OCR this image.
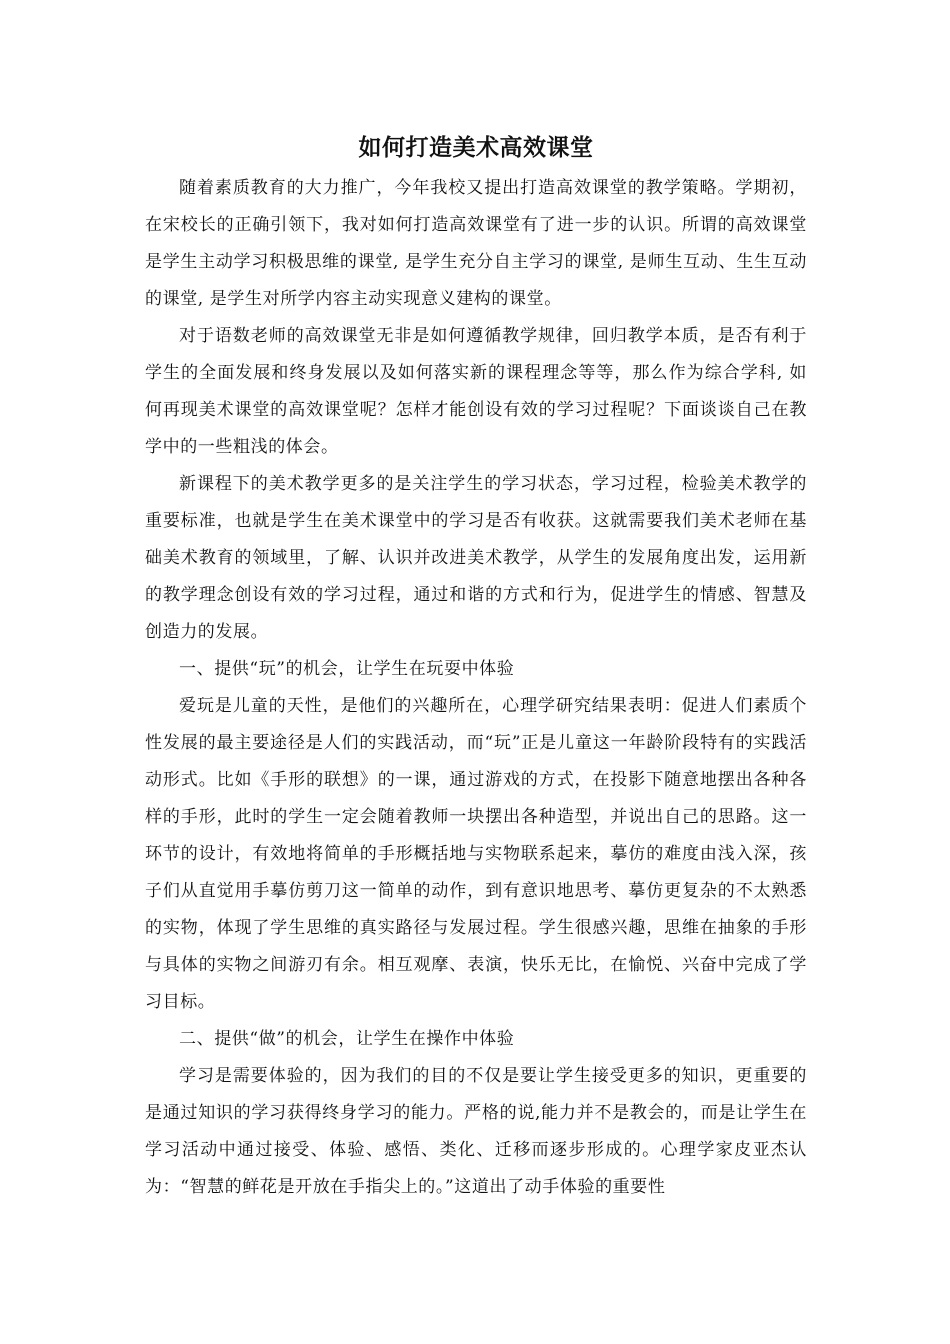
如何打造美术高效课堂

随着素质教育的大力推广，今年我校又提出打造高效课堂的教学策略。学期初，在宋校长的正确引领下，我对如何打造高效课堂有了进一步的认识。所谓的高效课堂是学生主动学习积极思维的课堂, 是学生充分自主学习的课堂, 是师生互动、生生互动的课堂, 是学生对所学内容主动实现意义建构的课堂。

对于语数老师的高效课堂无非是如何遵循教学规律，回归教学本质，是否有利于学生的全面发展和终身发展以及如何落实新的课程理念等等，那么作为综合学科, 如何再现美术课堂的高效课堂呢？怎样才能创设有效的学习过程呢？下面谈谈自己在教学中的一些粗浅的体会。

新课程下的美术教学更多的是关注学生的学习状态，学习过程，检验美术教学的重要标准，也就是学生在美术课堂中的学习是否有收获。这就需要我们美术老师在基础美术教育的领域里，了解、认识并改进美术教学，从学生的发展角度出发，运用新的教学理念创设有效的学习过程，通过和谐的方式和行为，促进学生的情感、智慧及创造力的发展。

一、提供“玩”的机会，让学生在玩耍中体验

爱玩是儿童的天性，是他们的兴趣所在，心理学研究结果表明：促进人们素质个性发展的最主要途径是人们的实践活动，而“玩”正是儿童这一年龄阶段特有的实践活动形式。比如《手形的联想》的一课，通过游戏的方式，在投影下随意地摆出各种各样的手形，此时的学生一定会随着教师一块摆出各种造型，并说出自己的思路。这一环节的设计，有效地将简单的手形概括地与实物联系起来，摹仿的难度由浅入深，孩子们从直觉用手摹仿剪刀这一简单的动作，到有意识地思考、摹仿更复杂的不太熟悉的实物，体现了学生思维的真实路径与发展过程。学生很感兴趣，思维在抽象的手形与具体的实物之间游刃有余。相互观摩、表演，快乐无比，在愉悦、兴奋中完成了学习目标。

二、提供“做”的机会，让学生在操作中体验

学习是需要体验的，因为我们的目的不仅是要让学生接受更多的知识，更重要的是通过知识的学习获得终身学习的能力。严格的说,能力并不是教会的，而是让学生在学习活动中通过接受、体验、感悟、类化、迁移而逐步形成的。心理学家皮亚杰认为：“智慧的鲜花是开放在手指尖上的。”这道出了动手体验的重要性
